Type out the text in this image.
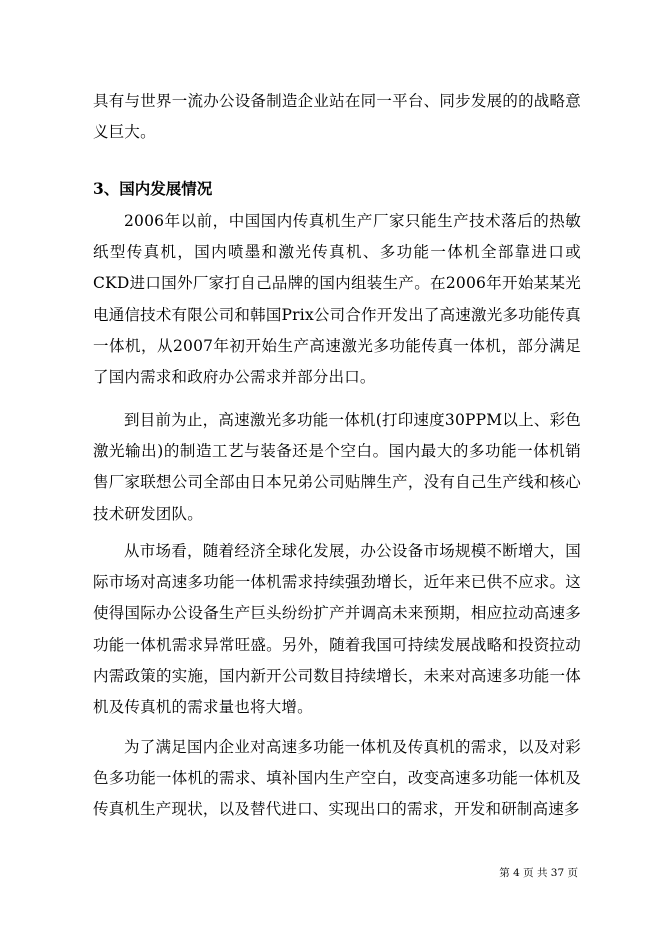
具有与世界一流办公设备制造企业站在同一平台、同步发展的的战略意义巨大。

3、国内发展情况

2006年以前，中国国内传真机生产厂家只能生产技术落后的热敏纸型传真机，国内喷墨和激光传真机、多功能一体机全部靠进口或CKD进口国外厂家打自己品牌的国内组装生产。在2006年开始某某光电通信技术有限公司和韩国Prix公司合作开发出了高速激光多功能传真一体机，从2007年初开始生产高速激光多功能传真一体机，部分满足了国内需求和政府办公需求并部分出口。

到目前为止，高速激光多功能一体机(打印速度30PPM以上、彩色激光输出)的制造工艺与装备还是个空白。国内最大的多功能一体机销售厂家联想公司全部由日本兄弟公司贴牌生产，没有自己生产线和核心技术研发团队。

从市场看，随着经济全球化发展，办公设备市场规模不断增大，国际市场对高速多功能一体机需求持续强劲增长，近年来已供不应求。这使得国际办公设备生产巨头纷纷扩产并调高未来预期，相应拉动高速多功能一体机需求异常旺盛。另外，随着我国可持续发展战略和投资拉动内需政策的实施，国内新开公司数目持续增长，未来对高速多功能一体机及传真机的需求量也将大增。

为了满足国内企业对高速多功能一体机及传真机的需求，以及对彩色多功能一体机的需求、填补国内生产空白，改变高速多功能一体机及传真机生产现状，以及替代进口、实现出口的需求，开发和研制高速多

第 4 页 共 37 页
